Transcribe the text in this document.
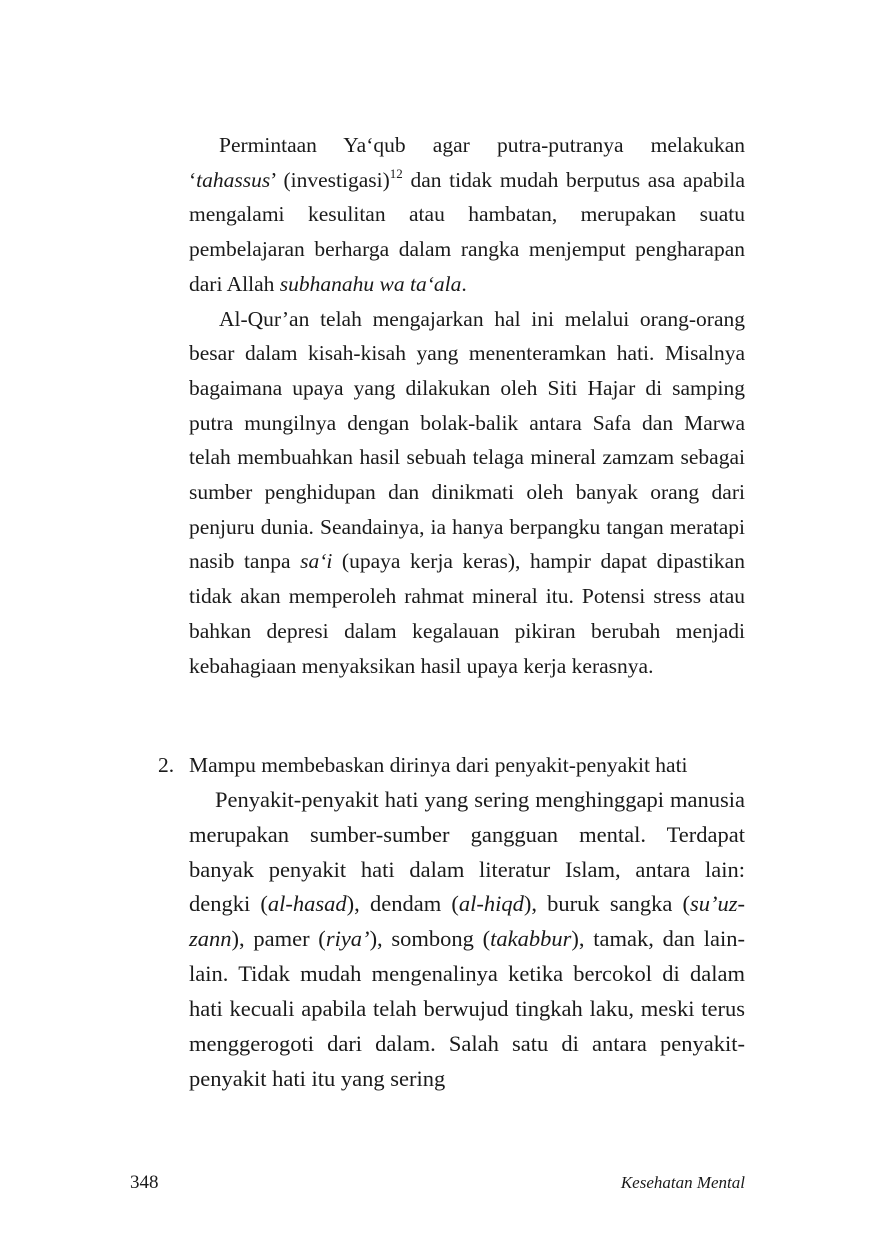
Permintaan Ya‘qub agar putra-putranya melakukan ‘tahassus’ (investigasi)$^{12}$ dan tidak mudah berputus asa apabila mengalami kesulitan atau hambatan, merupakan suatu pembelajaran berharga dalam rangka menjemput pengharapan dari Allah subhanahu wa ta‘ala.

Al-Qur’an telah mengajarkan hal ini melalui orang-orang besar dalam kisah-kisah yang menenteramkan hati. Misalnya bagaimana upaya yang dilakukan oleh Siti Hajar di samping putra mungilnya dengan bolak-balik antara Safa dan Marwa telah membuahkan hasil sebuah telaga mineral zamzam sebagai sumber penghidupan dan dinikmati oleh banyak orang dari penjuru dunia. Seandainya, ia hanya berpangku tangan meratapi nasib tanpa sa‘i (upaya kerja keras), hampir dapat dipastikan tidak akan memperoleh rahmat mineral itu. Potensi stress atau bahkan depresi dalam kegalauan pikiran berubah menjadi kebahagiaan menyaksikan hasil upaya kerja kerasnya.

2. Mampu membebaskan dirinya dari penyakit-penyakit hati

Penyakit-penyakit hati yang sering menghinggapi manusia merupakan sumber-sumber gangguan mental. Terdapat banyak penyakit hati dalam literatur Islam, antara lain: dengki (al-hasad), dendam (al-hiqd), buruk sangka (su’uz-zann), pamer (riya’), sombong (takabbur), tamak, dan lain-lain. Tidak mudah mengenalinya ketika bercokol di dalam hati kecuali apabila telah berwujud tingkah laku, meski terus menggerogoti dari dalam. Salah satu di antara penyakit-penyakit hati itu yang sering

348	Kesehatan Mental
